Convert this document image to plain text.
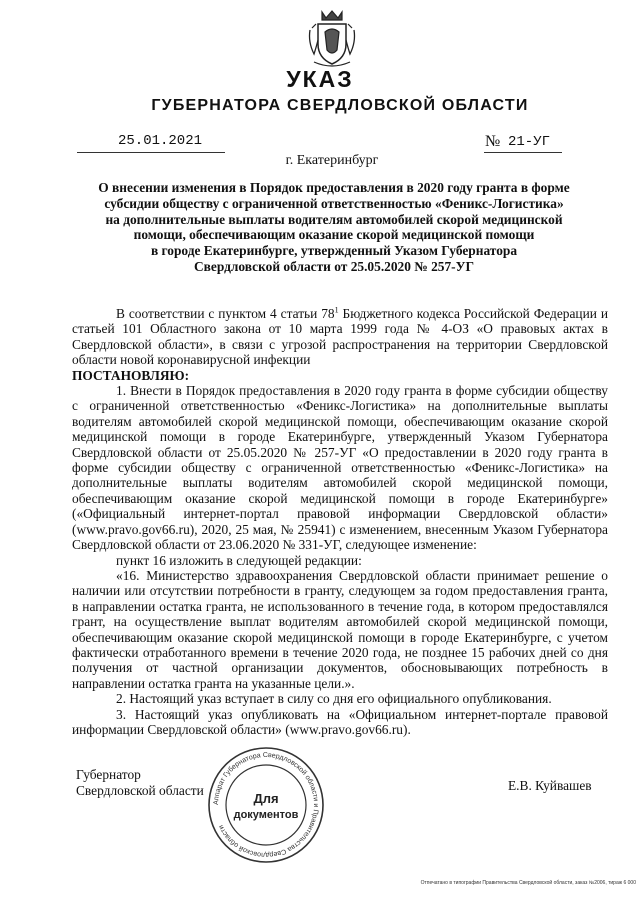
УКАЗ
ГУБЕРНАТОРА СВЕРДЛОВСКОЙ ОБЛАСТИ
25.01.2021	№ 21-УГ
г. Екатеринбург
О внесении изменения в Порядок предоставления в 2020 году гранта в форме
субсидии обществу с ограниченной ответственностью «Феникс-Логистика»
на дополнительные выплаты водителям автомобилей скорой медицинской
помощи, обеспечивающим оказание скорой медицинской помощи
в городе Екатеринбурге, утвержденный Указом Губернатора
Свердловской области от 25.05.2020 № 257-УГ

В соответствии с пунктом 4 статьи $78^1$ Бюджетного кодекса Российской Федерации и статьей 101 Областного закона от 10 марта 1999 года № 4-ОЗ «О правовых актах в Свердловской области», в связи с угрозой распространения на территории Свердловской области новой коронавирусной инфекции

ПОСТАНОВЛЯЮ:

1. Внести в Порядок предоставления в 2020 году гранта в форме субсидии обществу с ограниченной ответственностью «Феникс-Логистика» на дополнительные выплаты водителям автомобилей скорой медицинской помощи, обеспечивающим оказание скорой медицинской помощи в городе Екатеринбурге, утвержденный Указом Губернатора Свердловской области от 25.05.2020 № 257-УГ «О предоставлении в 2020 году гранта в форме субсидии обществу с ограниченной ответственностью «Феникс-Логистика» на дополнительные выплаты водителям автомобилей скорой медицинской помощи, обеспечивающим оказание скорой медицинской помощи в городе Екатеринбурге» («Официальный интернет-портал правовой информации Свердловской области» (www.pravo.gov66.ru), 2020, 25 мая, № 25941) с изменением, внесенным Указом Губернатора Свердловской области от 23.06.2020 № 331-УГ, следующее изменение:

пункт 16 изложить в следующей редакции:

«16. Министерство здравоохранения Свердловской области принимает решение о наличии или отсутствии потребности в гранту, следующем за годом предоставления гранта, в направлении остатка гранта, не использованного в течение года, в котором предоставлялся грант, на осуществление выплат водителям автомобилей скорой медицинской помощи, обеспечивающим оказание скорой медицинской помощи в городе Екатеринбурге, с учетом фактически отработанного времени в течение 2020 года, не позднее 15 рабочих дней со дня получения от частной организации документов, обосновывающих потребность в направлении остатка гранта на указанные цели.».

2. Настоящий указ вступает в силу со дня его официального опубликования.

3. Настоящий указ опубликовать на «Официальном интернет-портале правовой информации Свердловской области» (www.pravo.gov66.ru).

Губернатор
Свердловской области
Аппарат Губернатора Свердловской области и Правительства Свердловской области
Для
документов
Е.В. Куйвашев
Отпечатано в типографии Правительства Свердловской области, заказ №2006, тираж 6 000
